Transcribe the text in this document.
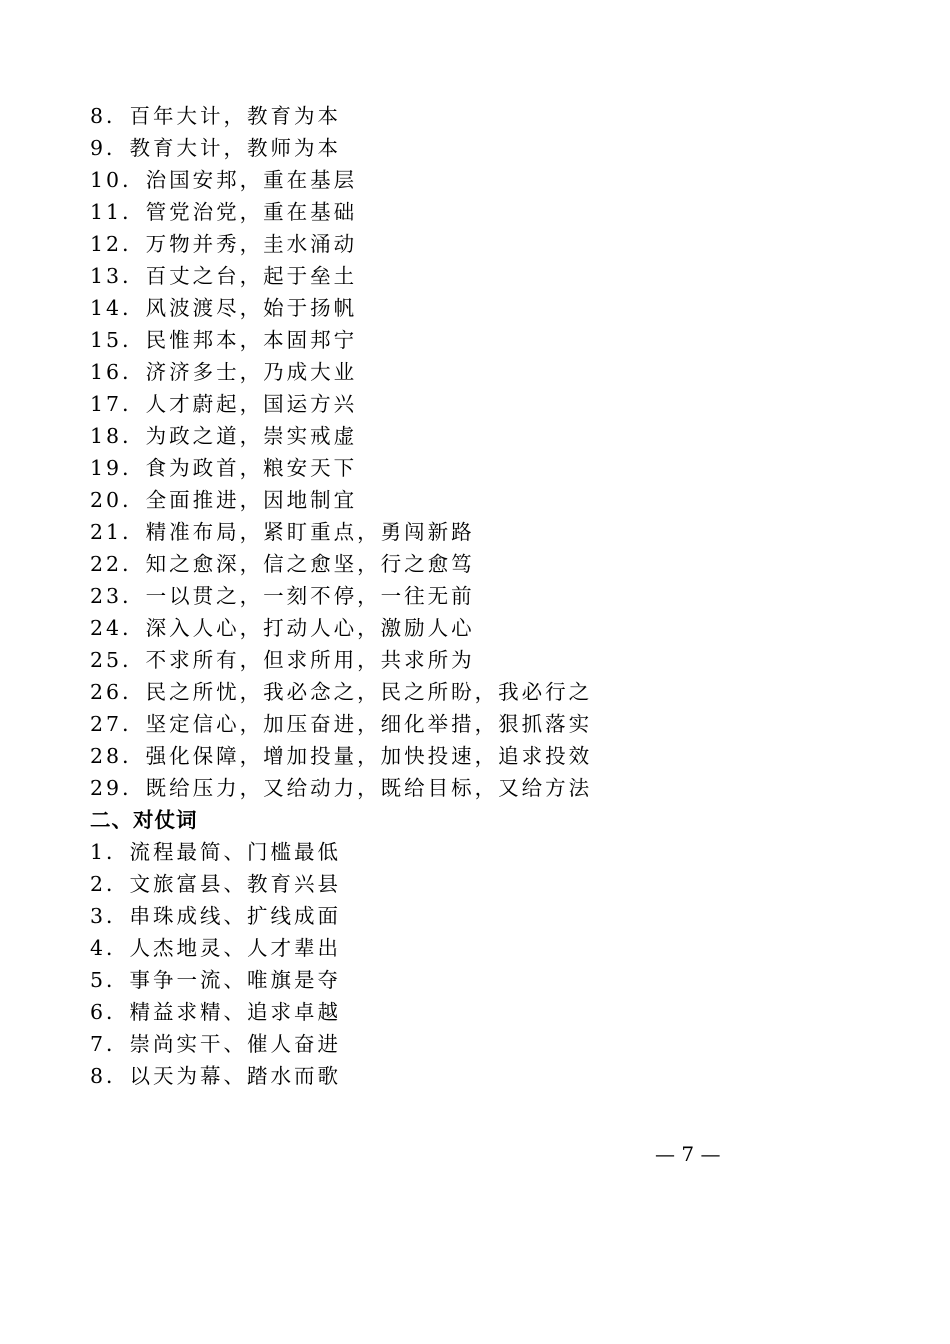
8．百年大计，教育为本
9．教育大计，教师为本
10．治国安邦，重在基层
11．管党治党，重在基础
12．万物并秀，圭水涌动
13．百丈之台，起于垒土
14．风波渡尽，始于扬帆
15．民惟邦本，本固邦宁
16．济济多士，乃成大业
17．人才蔚起，国运方兴
18．为政之道，崇实戒虚
19．食为政首，粮安天下
20．全面推进，因地制宜
21．精准布局，紧盯重点，勇闯新路
22．知之愈深，信之愈坚，行之愈笃
23．一以贯之，一刻不停，一往无前
24．深入人心，打动人心，激励人心
25．不求所有，但求所用，共求所为
26．民之所忧，我必念之，民之所盼，我必行之
27．坚定信心，加压奋进，细化举措，狠抓落实
28．强化保障，增加投量，加快投速，追求投效
29．既给压力，又给动力，既给目标，又给方法
二、对仗词
1．流程最简、门槛最低
2．文旅富县、教育兴县
3．串珠成线、扩线成面
4．人杰地灵、人才辈出
5．事争一流、唯旗是夺
6．精益求精、追求卓越
7．崇尚实干、催人奋进
8．以天为幕、踏水而歌
— 7 —
